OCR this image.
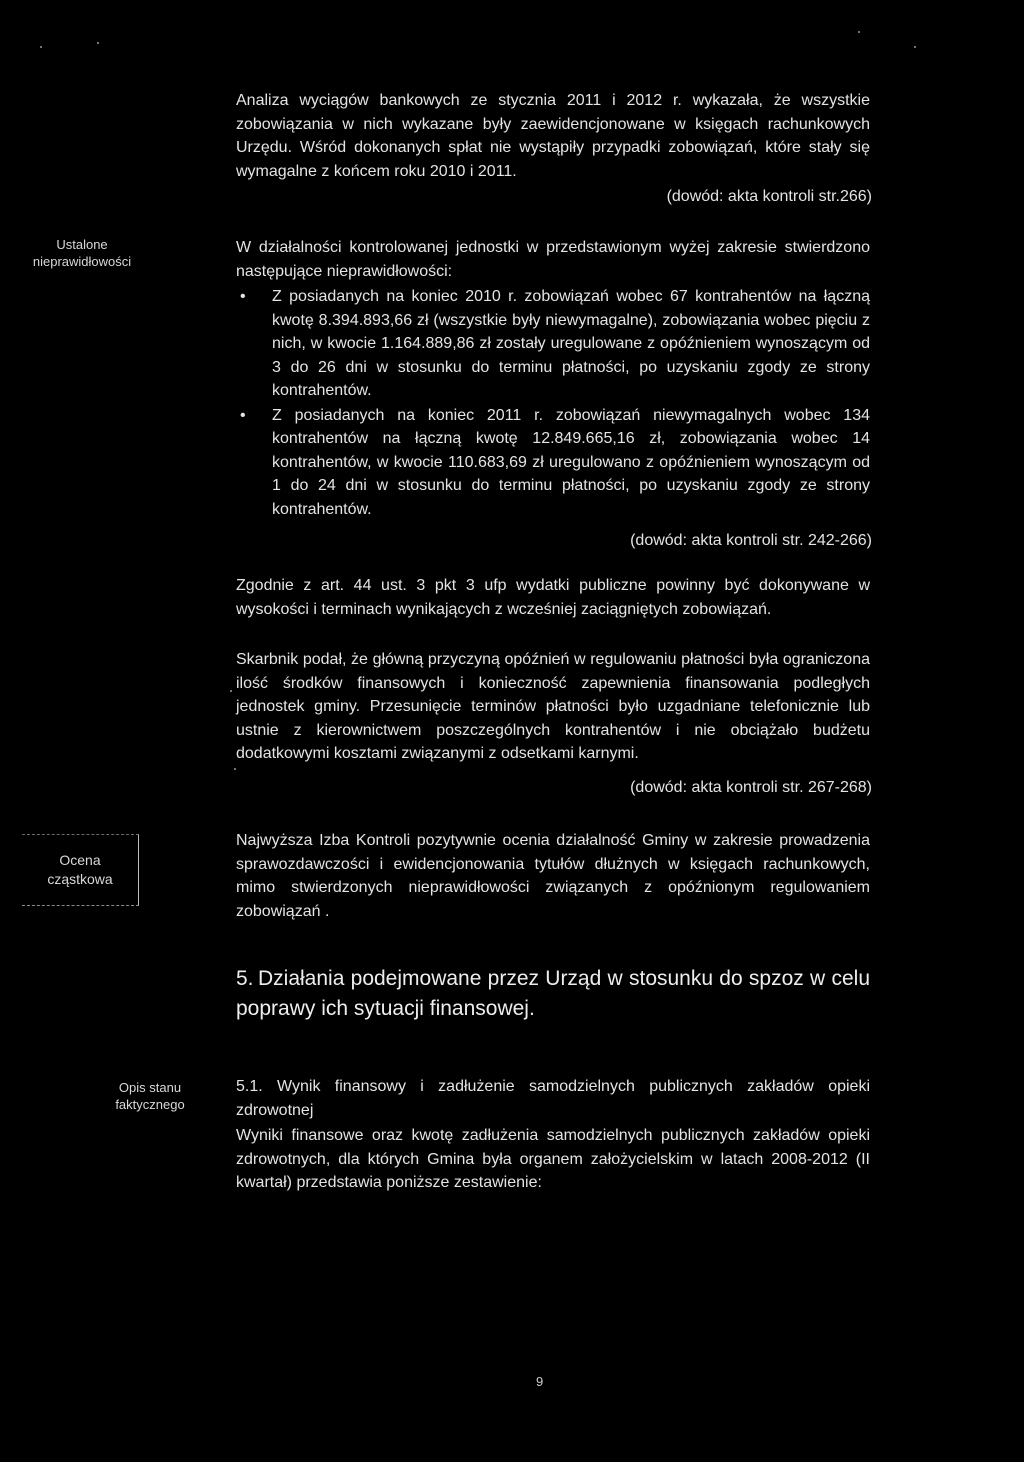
Analiza wyciągów bankowych ze stycznia 2011 i 2012 r. wykazała, że wszystkie zobowiązania w nich wykazane były zaewidencjonowane w księgach rachunkowych Urzędu. Wśród dokonanych spłat nie wystąpiły przypadki zobowiązań, które stały się wymagalne z końcem roku 2010 i 2011.

(dowód: akta kontroli str.266)
Ustalone nieprawidłowości

W działalności kontrolowanej jednostki w przedstawionym wyżej zakresie stwierdzono następujące nieprawidłowości:

• Z posiadanych na koniec 2010 r. zobowiązań wobec 67 kontrahentów na łączną kwotę 8.394.893,66 zł (wszystkie były niewymagalne), zobowiązania wobec pięciu z nich, w kwocie 1.164.889,86 zł zostały uregulowane z opóźnieniem wynoszącym od 3 do 26 dni w stosunku do terminu płatności, po uzyskaniu zgody ze strony kontrahentów.
• Z posiadanych na koniec 2011 r. zobowiązań niewymagalnych wobec 134 kontrahentów na łączną kwotę 12.849.665,16 zł, zobowiązania wobec 14 kontrahentów, w kwocie 110.683,69 zł uregulowano z opóźnieniem wynoszącym od 1 do 24 dni w stosunku do terminu płatności, po uzyskaniu zgody ze strony kontrahentów.
(dowód: akta kontroli str. 242-266)

Zgodnie z art. 44 ust. 3 pkt 3 ufp wydatki publiczne powinny być dokonywane w wysokości i terminach wynikających z wcześniej zaciągniętych zobowiązań.

Skarbnik podał, że główną przyczyną opóźnień w regulowaniu płatności była ograniczona ilość środków finansowych i konieczność zapewnienia finansowania podległych jednostek gminy. Przesunięcie terminów płatności było uzgadniane telefonicznie lub ustnie z kierownictwem poszczególnych kontrahentów i nie obciążało budżetu dodatkowymi kosztami związanymi z odsetkami karnymi.

(dowód: akta kontroli str. 267-268)
Ocena cząstkowa

Najwyższa Izba Kontroli pozytywnie ocenia działalność Gminy w zakresie prowadzenia sprawozdawczości i ewidencjonowania tytułów dłużnych w księgach rachunkowych, mimo stwierdzonych nieprawidłowości związanych z opóźnionym regulowaniem zobowiązań .

5. Działania podejmowane przez Urząd w stosunku do spzoz w celu poprawy ich sytuacji finansowej.
Opis stanu faktycznego

5.1. Wynik finansowy i zadłużenie samodzielnych publicznych zakładów opieki zdrowotnej

Wyniki finansowe oraz kwotę zadłużenia samodzielnych publicznych zakładów opieki zdrowotnych, dla których Gmina była organem założycielskim w latach 2008-2012 (II kwartał) przedstawia poniższe zestawienie:

9
